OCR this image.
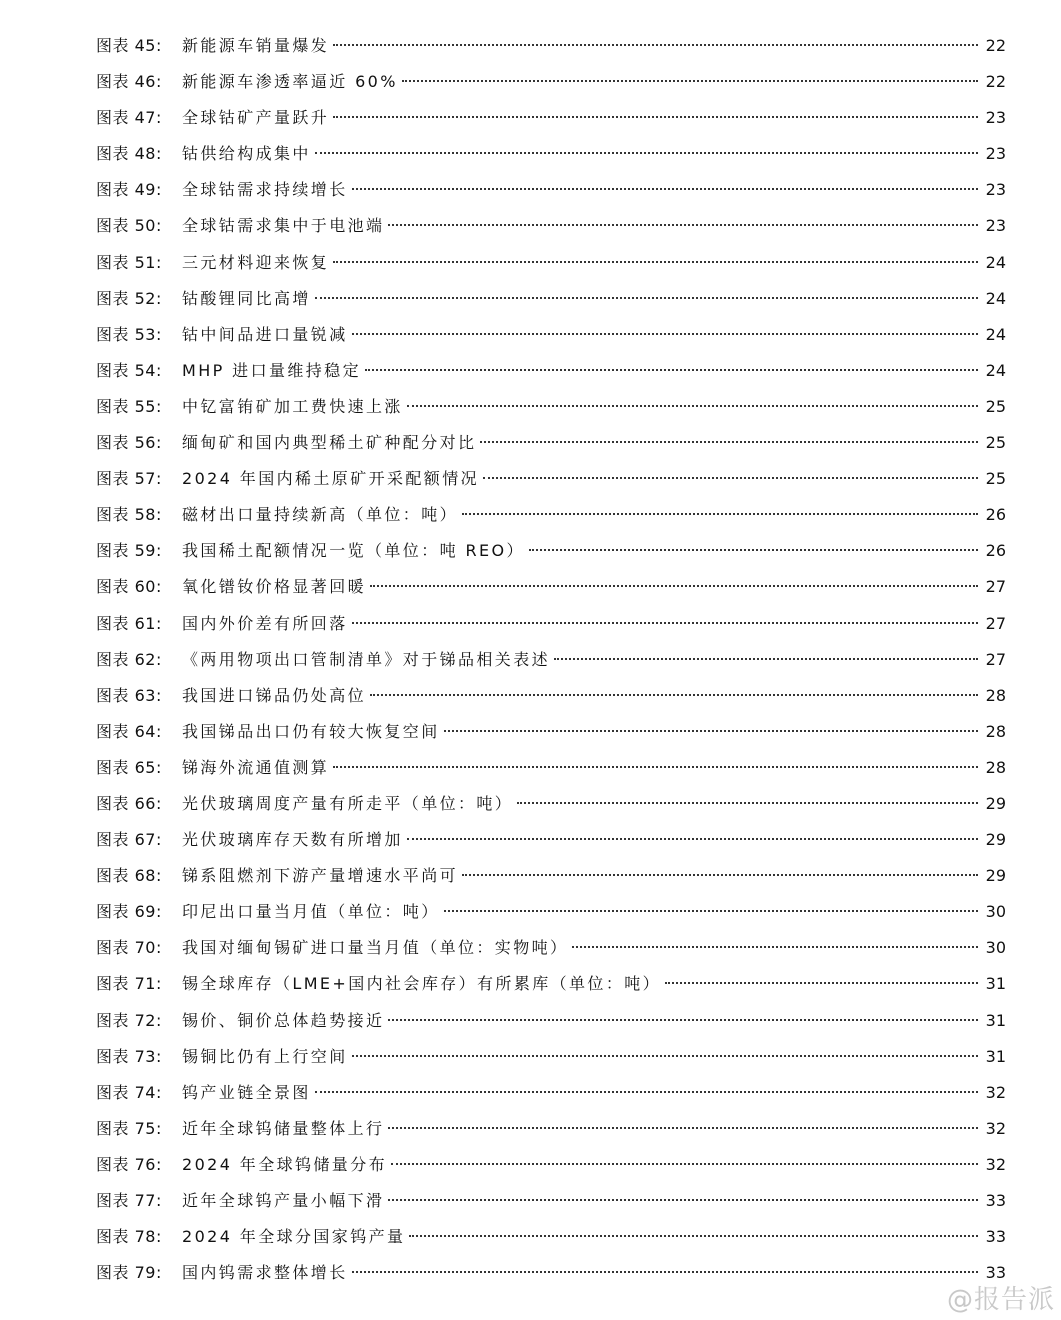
图表 45:	新能源车销量爆发	22
图表 46:	新能源车渗透率逼近 60%	22
图表 47:	全球钴矿产量跃升	23
图表 48:	钴供给构成集中	23
图表 49:	全球钴需求持续增长	23
图表 50:	全球钴需求集中于电池端	23
图表 51:	三元材料迎来恢复	24
图表 52:	钴酸锂同比高增	24
图表 53:	钴中间品进口量锐减	24
图表 54:	MHP 进口量维持稳定	24
图表 55:	中钇富铕矿加工费快速上涨	25
图表 56:	缅甸矿和国内典型稀土矿种配分对比	25
图表 57:	2024 年国内稀土原矿开采配额情况	25
图表 58:	磁材出口量持续新高（单位：吨）	26
图表 59:	我国稀土配额情况一览（单位：吨 REO）	26
图表 60:	氧化镨钕价格显著回暖	27
图表 61:	国内外价差有所回落	27
图表 62:	《两用物项出口管制清单》对于锑品相关表述	27
图表 63:	我国进口锑品仍处高位	28
图表 64:	我国锑品出口仍有较大恢复空间	28
图表 65:	锑海外流通值测算	28
图表 66:	光伏玻璃周度产量有所走平（单位：吨）	29
图表 67:	光伏玻璃库存天数有所增加	29
图表 68:	锑系阻燃剂下游产量增速水平尚可	29
图表 69:	印尼出口量当月值（单位：吨）	30
图表 70:	我国对缅甸锡矿进口量当月值（单位：实物吨）	30
图表 71:	锡全球库存（LME+国内社会库存）有所累库（单位：吨）	31
图表 72:	锡价、铜价总体趋势接近	31
图表 73:	锡铜比仍有上行空间	31
图表 74:	钨产业链全景图	32
图表 75:	近年全球钨储量整体上行	32
图表 76:	2024 年全球钨储量分布	32
图表 77:	近年全球钨产量小幅下滑	33
图表 78:	2024 年全球分国家钨产量	33
图表 79:	国内钨需求整体增长	33
@报告派
